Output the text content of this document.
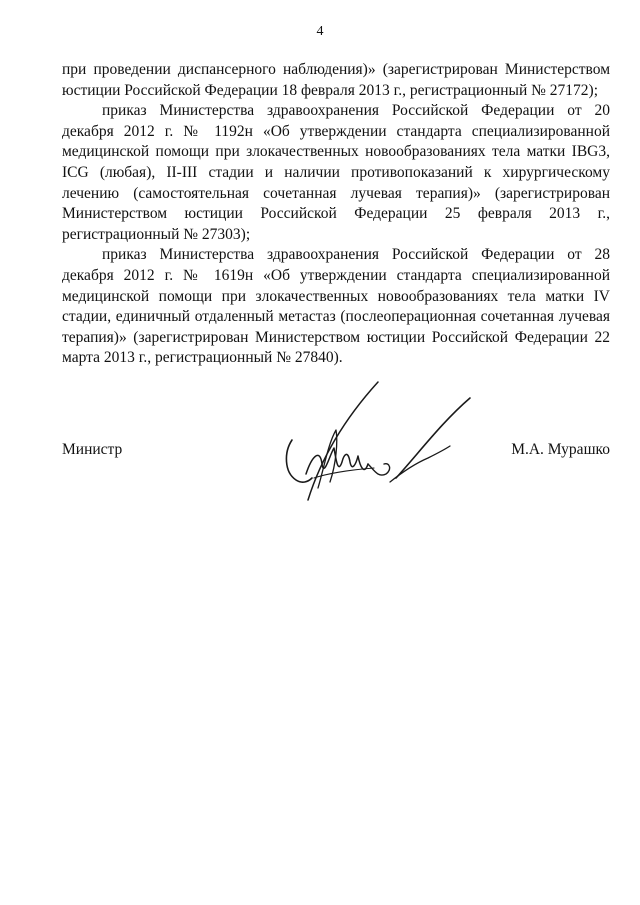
4

при проведении диспансерного наблюдения)» (зарегистрирован Министерством юстиции Российской Федерации 18 февраля 2013 г., регистрационный № 27172);

приказ Министерства здравоохранения Российской Федерации от 20 декабря 2012 г. № 1192н «Об утверждении стандарта специализированной медицинской помощи при злокачественных новообразованиях тела матки IBG3, ICG (любая), II-III стадии и наличии противопоказаний к хирургическому лечению (самостоятельная сочетанная лучевая терапия)» (зарегистрирован Министерством юстиции Российской Федерации 25 февраля 2013 г., регистрационный № 27303);

приказ Министерства здравоохранения Российской Федерации от 28 декабря 2012 г. № 1619н «Об утверждении стандарта специализированной медицинской помощи при злокачественных новообразованиях тела матки IV стадии, единичный отдаленный метастаз (послеоперационная сочетанная лучевая терапия)» (зарегистрирован Министерством юстиции Российской Федерации 22 марта 2013 г., регистрационный № 27840).

Министр	М.А. Мурашко
